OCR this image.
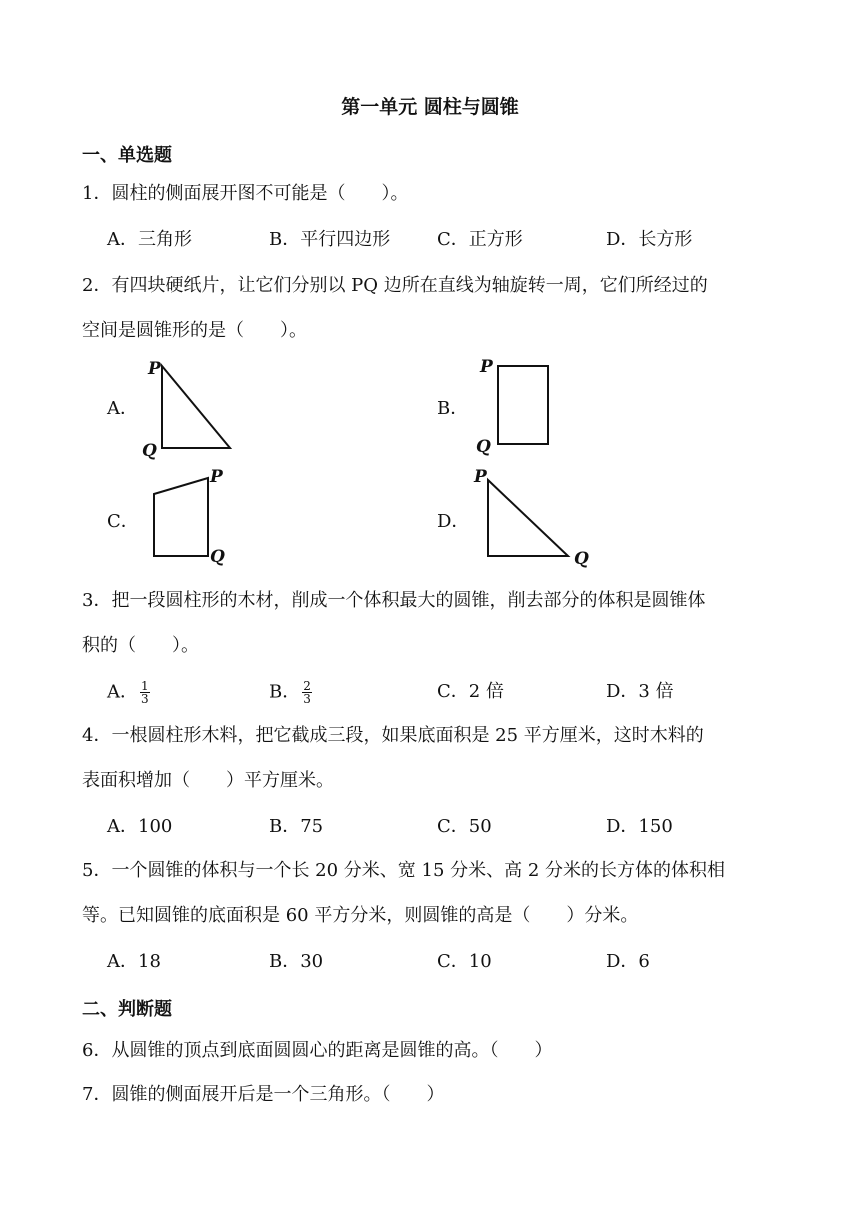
第一单元 圆柱与圆锥
一、单选题
1．圆柱的侧面展开图不可能是（　　）。
A．三角形	B．平行四边形	C．正方形	D．长方形
2．有四块硬纸片，让它们分别以 PQ 边所在直线为轴旋转一周，它们所经过的
空间是圆锥形的是（　　）。
A．	B．
C．	D．
P
Q
P
Q
P
Q
P
Q
3．把一段圆柱形的木材，削成一个体积最大的圆锥，削去部分的体积是圆锥体
积的（　　）。
A． $\frac{1}{3}$	B． $\frac{2}{3}$	C．2 倍	D．3 倍
4．一根圆柱形木料，把它截成三段，如果底面积是 25 平方厘米，这时木料的
表面积增加（　　）平方厘米。
A．100	B．75	C．50	D．150
5．一个圆锥的体积与一个长 20 分米、宽 15 分米、高 2 分米的长方体的体积相
等。已知圆锥的底面积是 60 平方分米，则圆锥的高是（　　）分米。
A．18	B．30	C．10	D．6
二、判断题
6．从圆锥的顶点到底面圆圆心的距离是圆锥的高。（　　）
7．圆锥的侧面展开后是一个三角形。（　　）
